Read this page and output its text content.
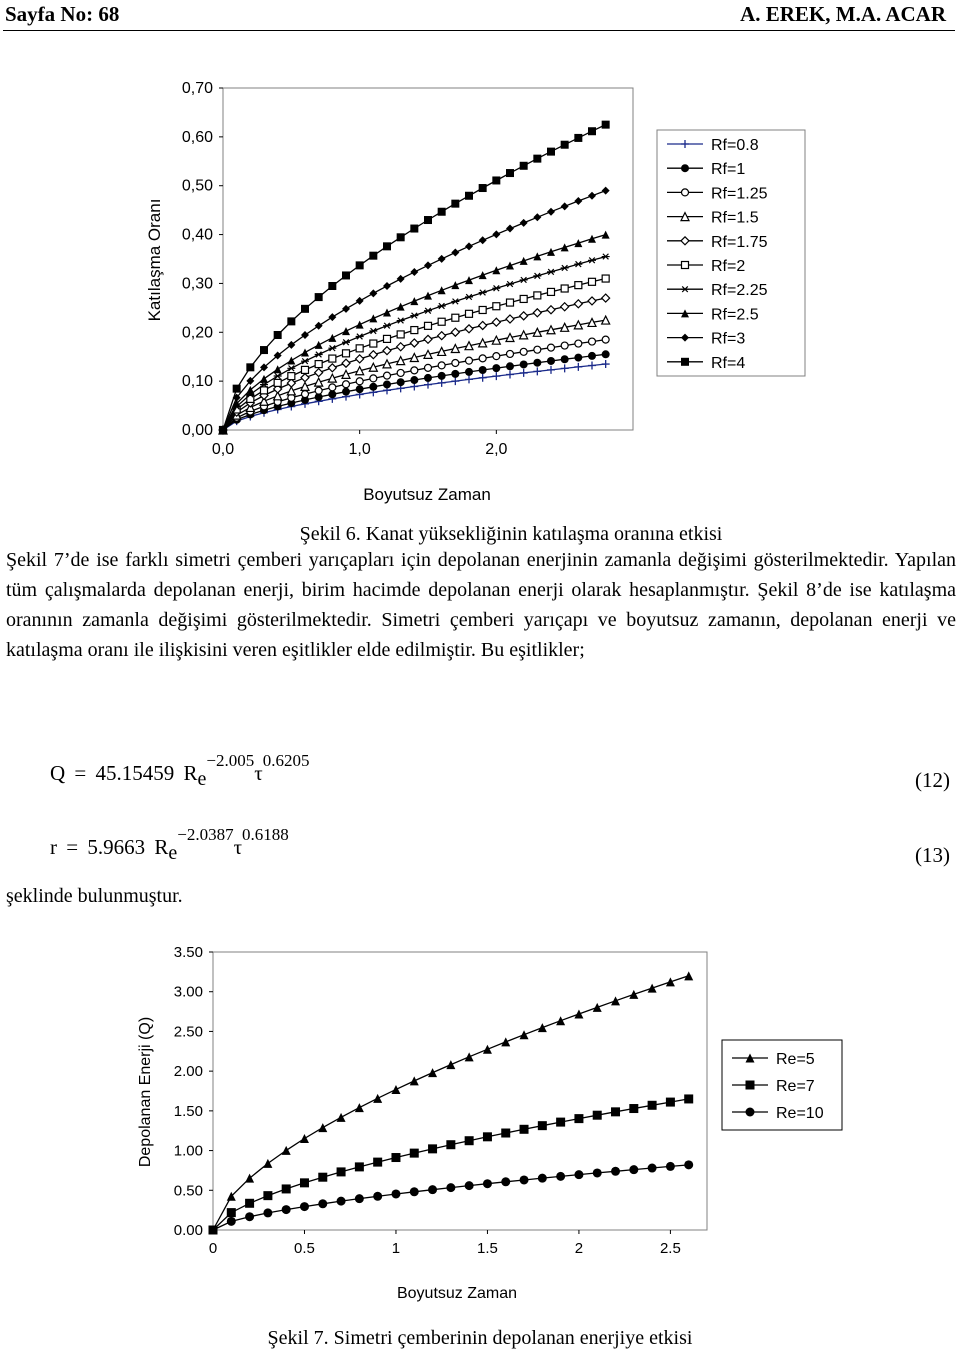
Sayfa No: 68	A. EREK, M.A. ACAR
0,00
0,10
0,20
0,30
0,40
0,50
0,60
0,70
0,0	1,0	2,0
Boyutsuz Zaman
Katılaşma Oranı
Rf=0.8
Rf=1
Rf=1.25
Rf=1.5
Rf=1.75
Rf=2
Rf=2.25
Rf=2.5
Rf=3
Rf=4
Şekil 6. Kanat yüksekliğinin katılaşma oranına etkisi
Şekil 7’de ise farklı simetri çemberi yarıçapları için depolanan enerjinin zamanla değişimi gösterilmektedir. Yapılan tüm çalışmalarda depolanan enerji, birim hacimde depolanan enerji olarak hesaplanmıştır. Şekil 8’de ise katılaşma oranının zamanla değişimi gösterilmektedir. Simetri çemberi yarıçapı ve boyutsuz zamanın, depolanan enerji ve katılaşma oranı ile ilişkisini veren eşitlikler elde edilmiştir. Bu eşitlikler;
Q = 45.15459 $R_e^{-2.005}\tau^{0.6205}$
(12)
r = 5.9663 $R_e^{-2.0387}\tau^{0.6188}$
(13)
şeklinde bulunmuştur.
0.00
0.50
1.00
1.50
2.00
2.50
3.00
3.50
0	0.5	1	1.5	2	2.5
Boyutsuz Zaman
Depolanan Enerji (Q)	Re=5
Re=7
Re=10
Şekil 7. Simetri çemberinin depolanan enerjiye etkisi
